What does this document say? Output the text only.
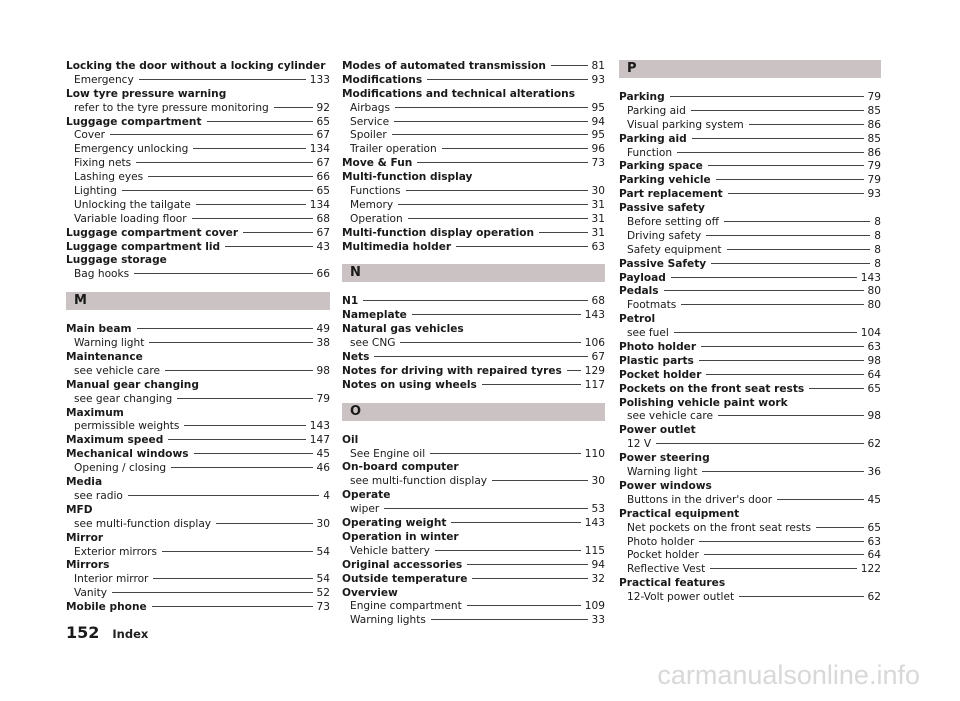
Locking the door without a locking cylinder
Emergency	133
Low tyre pressure warning
refer to the tyre pressure monitoring	92
Luggage compartment	65
Cover	67
Emergency unlocking	134
Fixing nets	67
Lashing eyes	66
Lighting	65
Unlocking the tailgate	134
Variable loading floor	68
Luggage compartment cover	67
Luggage compartment lid	43
Luggage storage
Bag hooks	66
M
Main beam	49
Warning light	38
Maintenance
see vehicle care	98
Manual gear changing
see gear changing	79
Maximum
permissible weights	143
Maximum speed	147
Mechanical windows	45
Opening / closing	46
Media
see radio	4
MFD
see multi-function display	30
Mirror
Exterior mirrors	54
Mirrors
Interior mirror	54
Vanity	52
Mobile phone	73
Modes of automated transmission	81
Modifications	93
Modifications and technical alterations
Airbags	95
Service	94
Spoiler	95
Trailer operation	96
Move & Fun	73
Multi-function display
Functions	30
Memory	31
Operation	31
Multi-function display operation	31
Multimedia holder	63
N
N1	68
Nameplate	143
Natural gas vehicles
see CNG	106
Nets	67
Notes for driving with repaired tyres 129
Notes on using wheels	117
O
Oil
See Engine oil	110
On-board computer
see multi-function display	30
Operate
wiper	53
Operating weight	143
Operation in winter
Vehicle battery	115
Original accessories	94
Outside temperature	32
Overview
Engine compartment	109
Warning lights	33
P
Parking	79
Parking aid	85
Visual parking system	86
Parking aid	85
Function	86
Parking space	79
Parking vehicle	79
Part replacement	93
Passive safety
Before setting off	8
Driving safety	8
Safety equipment	8
Passive Safety	8
Payload	143
Pedals	80
Footmats	80
Petrol
see fuel	104
Photo holder	63
Plastic parts	98
Pocket holder	64
Pockets on the front seat rests	65
Polishing vehicle paint work
see vehicle care	98
Power outlet
12 V	62
Power steering
Warning light	36
Power windows
Buttons in the driver's door	45
Practical equipment
Net pockets on the front seat rests	65
Photo holder	63
Pocket holder	64
Reflective Vest	122
Practical features
12-Volt power outlet	62
152 Index
carmanualsonline.info
